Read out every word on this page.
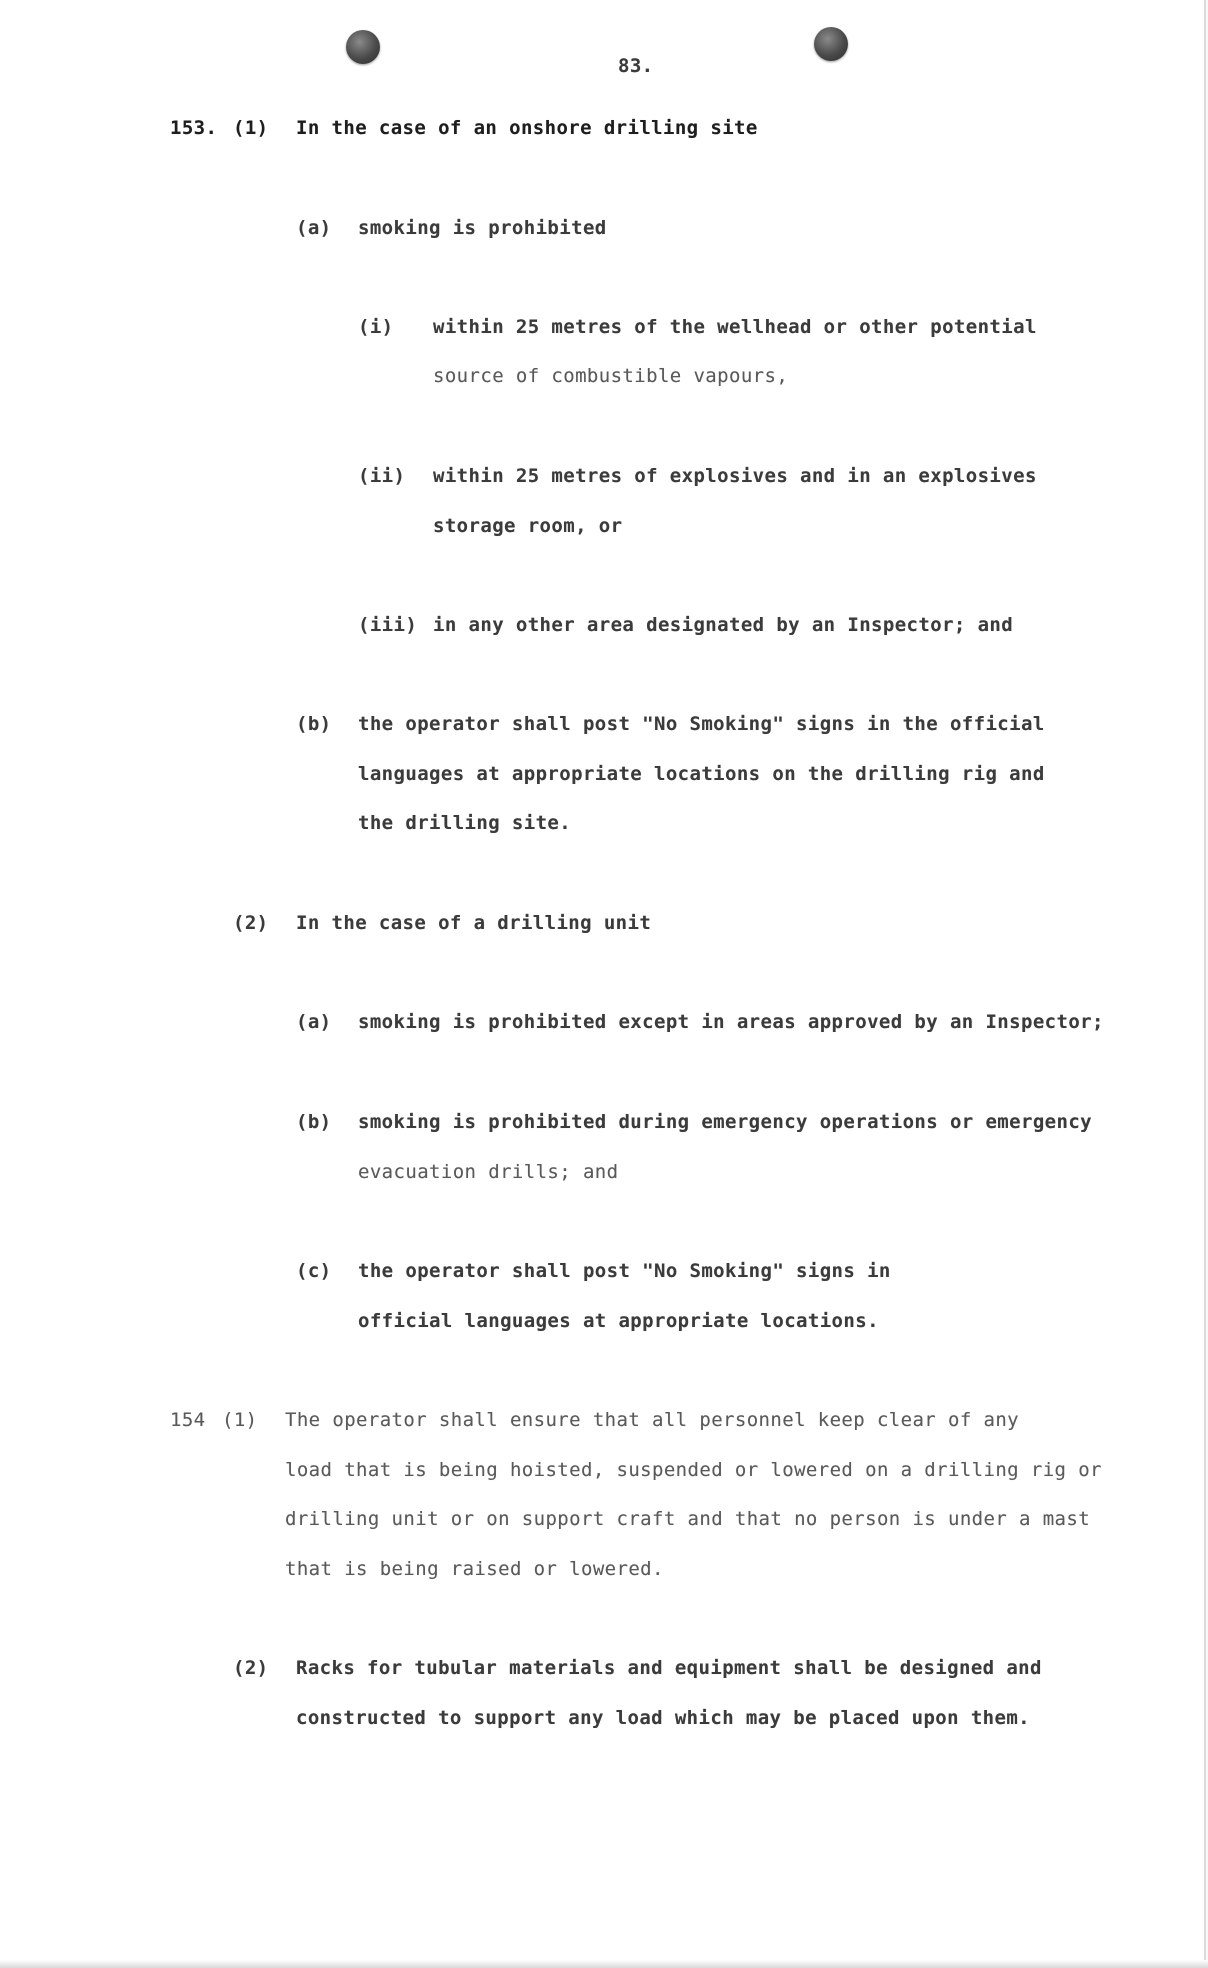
83.
153. (1) In the case of an onshore drilling site
(a) smoking is prohibited
(i) within 25 metres of the wellhead or other potential
source of combustible vapours,
(ii) within 25 metres of explosives and in an explosives
storage room, or
(iii) in any other area designated by an Inspector; and
(b) the operator shall post "No Smoking" signs in the official
languages at appropriate locations on the drilling rig and
the drilling site.
(2) In the case of a drilling unit
(a) smoking is prohibited except in areas approved by an Inspector;
(b) smoking is prohibited during emergency operations or emergency
evacuation drills; and
(c) the operator shall post "No Smoking" signs in
official languages at appropriate locations.
154 (1) The operator shall ensure that all personnel keep clear of any
load that is being hoisted, suspended or lowered on a drilling rig or
drilling unit or on support craft and that no person is under a mast
that is being raised or lowered.
(2) Racks for tubular materials and equipment shall be designed and
constructed to support any load which may be placed upon them.
